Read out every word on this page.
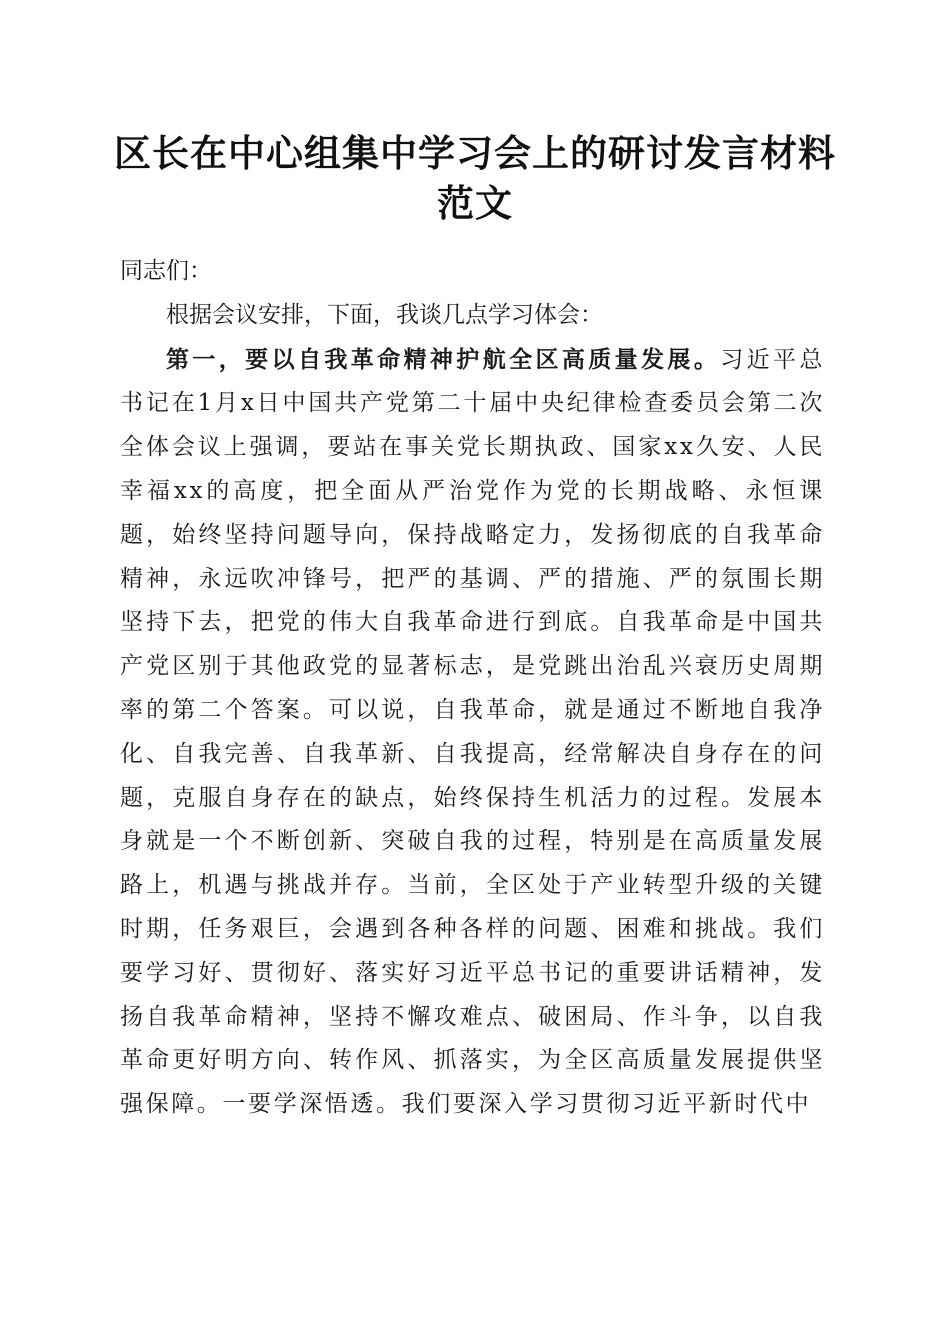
区长在中心组集中学习会上的研讨发言材料范文

同志们：

根据会议安排，下面，我谈几点学习体会：

第一，要以自我革命精神护航全区高质量发展。习近平总书记在1月x日中国共产党第二十届中央纪律检查委员会第二次全体会议上强调，要站在事关党长期执政、国家xx久安、人民幸福xx的高度，把全面从严治党作为党的长期战略、永恒课题，始终坚持问题导向，保持战略定力，发扬彻底的自我革命精神，永远吹冲锋号，把严的基调、严的措施、严的氛围长期坚持下去，把党的伟大自我革命进行到底。自我革命是中国共产党区别于其他政党的显著标志，是党跳出治乱兴衰历史周期率的第二个答案。可以说，自我革命，就是通过不断地自我净化、自我完善、自我革新、自我提高，经常解决自身存在的问题，克服自身存在的缺点，始终保持生机活力的过程。发展本身就是一个不断创新、突破自我的过程，特别是在高质量发展路上，机遇与挑战并存。当前，全区处于产业转型升级的关键时期，任务艰巨，会遇到各种各样的问题、困难和挑战。我们要学习好、贯彻好、落实好习近平总书记的重要讲话精神，发扬自我革命精神，坚持不懈攻难点、破困局、作斗争，以自我革命更好明方向、转作风、抓落实，为全区高质量发展提供坚强保障。一要学深悟透。我们要深入学习贯彻习近平新时代中
